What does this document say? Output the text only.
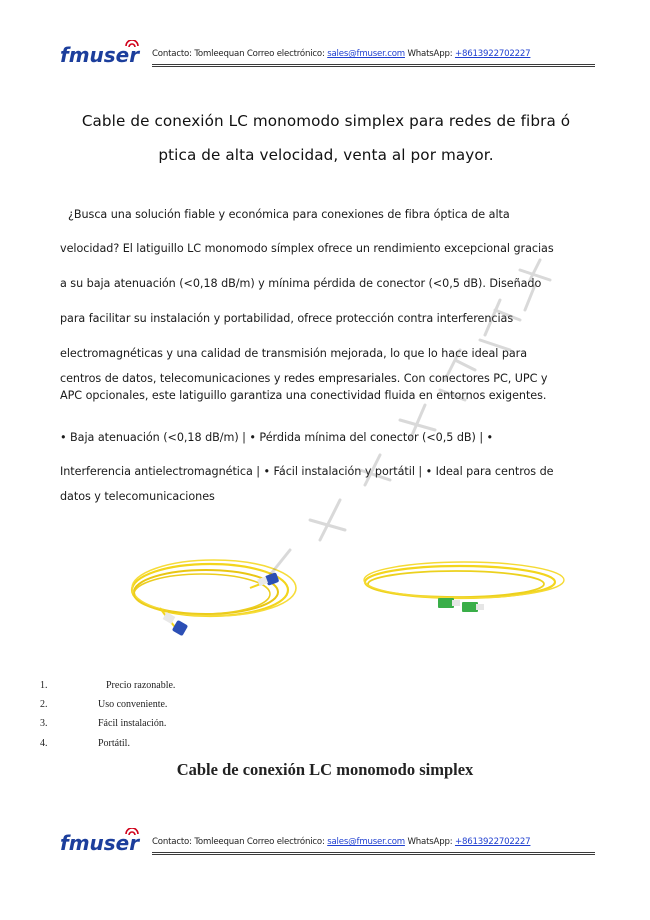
fmuser Contacto: Tomleequan Correo electrónico: sales@fmuser.com WhatsApp: +8613922702227
Cable de conexión LC monomodo simplex para redes de fibra ó
ptica de alta velocidad, venta al por mayor.
¿Busca una solución fiable y económica para conexiones de fibra óptica de alta
velocidad? El latiguillo LC monomodo símplex ofrece un rendimiento excepcional gracias
a su baja atenuación (<0,18 dB/m) y mínima pérdida de conector (<0,5 dB). Diseñado
para facilitar su instalación y portabilidad, ofrece protección contra interferencias
electromagnéticas y una calidad de transmisión mejorada, lo que lo hace ideal para
centros de datos, telecomunicaciones y redes empresariales. Con conectores PC, UPC y
APC opcionales, este latiguillo garantiza una conectividad fluida en entornos exigentes.
• Baja atenuación (<0,18 dB/m) | • Pérdida mínima del conector (<0,5 dB) | •
Interferencia antielectromagnética | • Fácil instalación y portátil | • Ideal para centros de
datos y telecomunicaciones
1.	Precio razonable.
2.	Uso conveniente.
3.	Fácil instalación.
4.	Portátil.
Cable de conexión LC monomodo simplex
fmuser Contacto: Tomleequan Correo electrónico: sales@fmuser.com WhatsApp: +8613922702227
